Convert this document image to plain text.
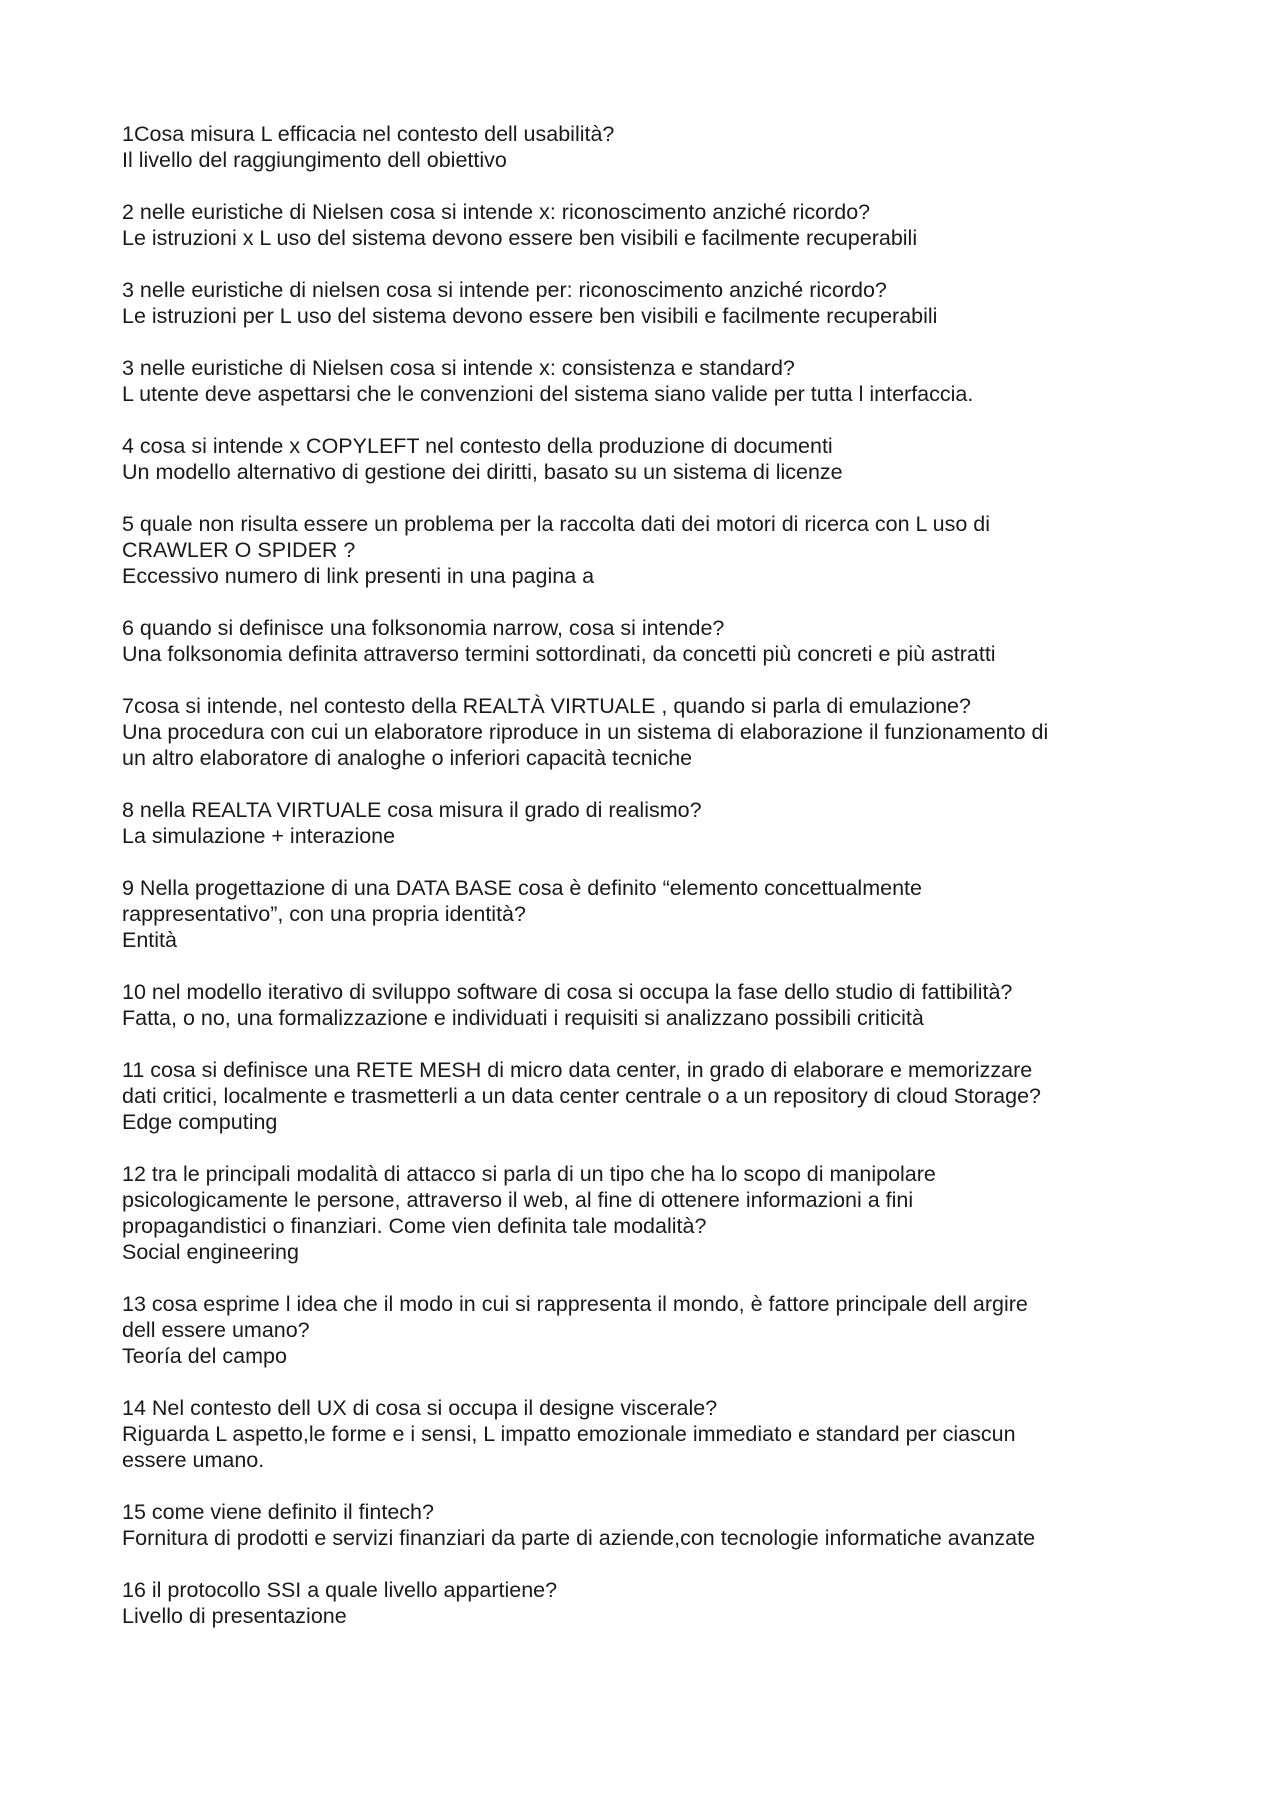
1Cosa misura L efficacia nel contesto dell usabilità?
Il livello del raggiungimento dell obiettivo
2 nelle euristiche di Nielsen cosa si intende x: riconoscimento anziché ricordo?
Le istruzioni x L uso del sistema devono essere ben visibili e facilmente recuperabili
3 nelle euristiche di nielsen cosa si intende per: riconoscimento anziché ricordo?
Le istruzioni per L uso del sistema devono essere ben visibili e facilmente recuperabili
3 nelle euristiche di Nielsen cosa si intende x: consistenza e standard?
L utente deve aspettarsi che le convenzioni del sistema siano valide per tutta l interfaccia.
4 cosa si intende x COPYLEFT nel contesto della produzione di documenti
Un modello alternativo di gestione dei diritti, basato su un sistema di licenze
5 quale non risulta essere un problema per la raccolta dati dei motori di ricerca con L uso di
CRAWLER O SPIDER ?
Eccessivo numero di link presenti in una pagina a
6 quando si definisce una folksonomia narrow, cosa si intende?
Una folksonomia definita attraverso termini sottordinati, da concetti più concreti e più astratti
7cosa si intende, nel contesto della REALTÀ VIRTUALE , quando si parla di emulazione?
Una procedura con cui un elaboratore riproduce in un sistema di elaborazione il funzionamento di
un altro elaboratore di analoghe o inferiori capacità tecniche
8 nella REALTA VIRTUALE cosa misura il grado di realismo?
La simulazione + interazione
9 Nella progettazione di una DATA BASE cosa è definito “elemento concettualmente
rappresentativo”, con una propria identità?
Entità
10 nel modello iterativo di sviluppo software di cosa si occupa la fase dello studio di fattibilità?
Fatta, o no, una formalizzazione e individuati i requisiti si analizzano possibili criticità
11 cosa si definisce una RETE MESH di micro data center, in grado di elaborare e memorizzare
dati critici, localmente e trasmetterli a un data center centrale o a un repository di cloud Storage?
Edge computing
12 tra le principali modalità di attacco si parla di un tipo che ha lo scopo di manipolare
psicologicamente le persone, attraverso il web, al fine di ottenere informazioni a fini
propagandistici o finanziari. Come vien definita tale modalità?
Social engineering
13 cosa esprime l idea che il modo in cui si rappresenta il mondo, è fattore principale dell argire
dell essere umano?
Teoría del campo
14 Nel contesto dell UX di cosa si occupa il designe viscerale?
Riguarda L aspetto,le forme e i sensi, L impatto emozionale immediato e standard per ciascun
essere umano.
15 come viene definito il fintech?
Fornitura di prodotti e servizi finanziari da parte di aziende,con tecnologie informatiche avanzate
16 il protocollo SSI a quale livello appartiene?
Livello di presentazione
